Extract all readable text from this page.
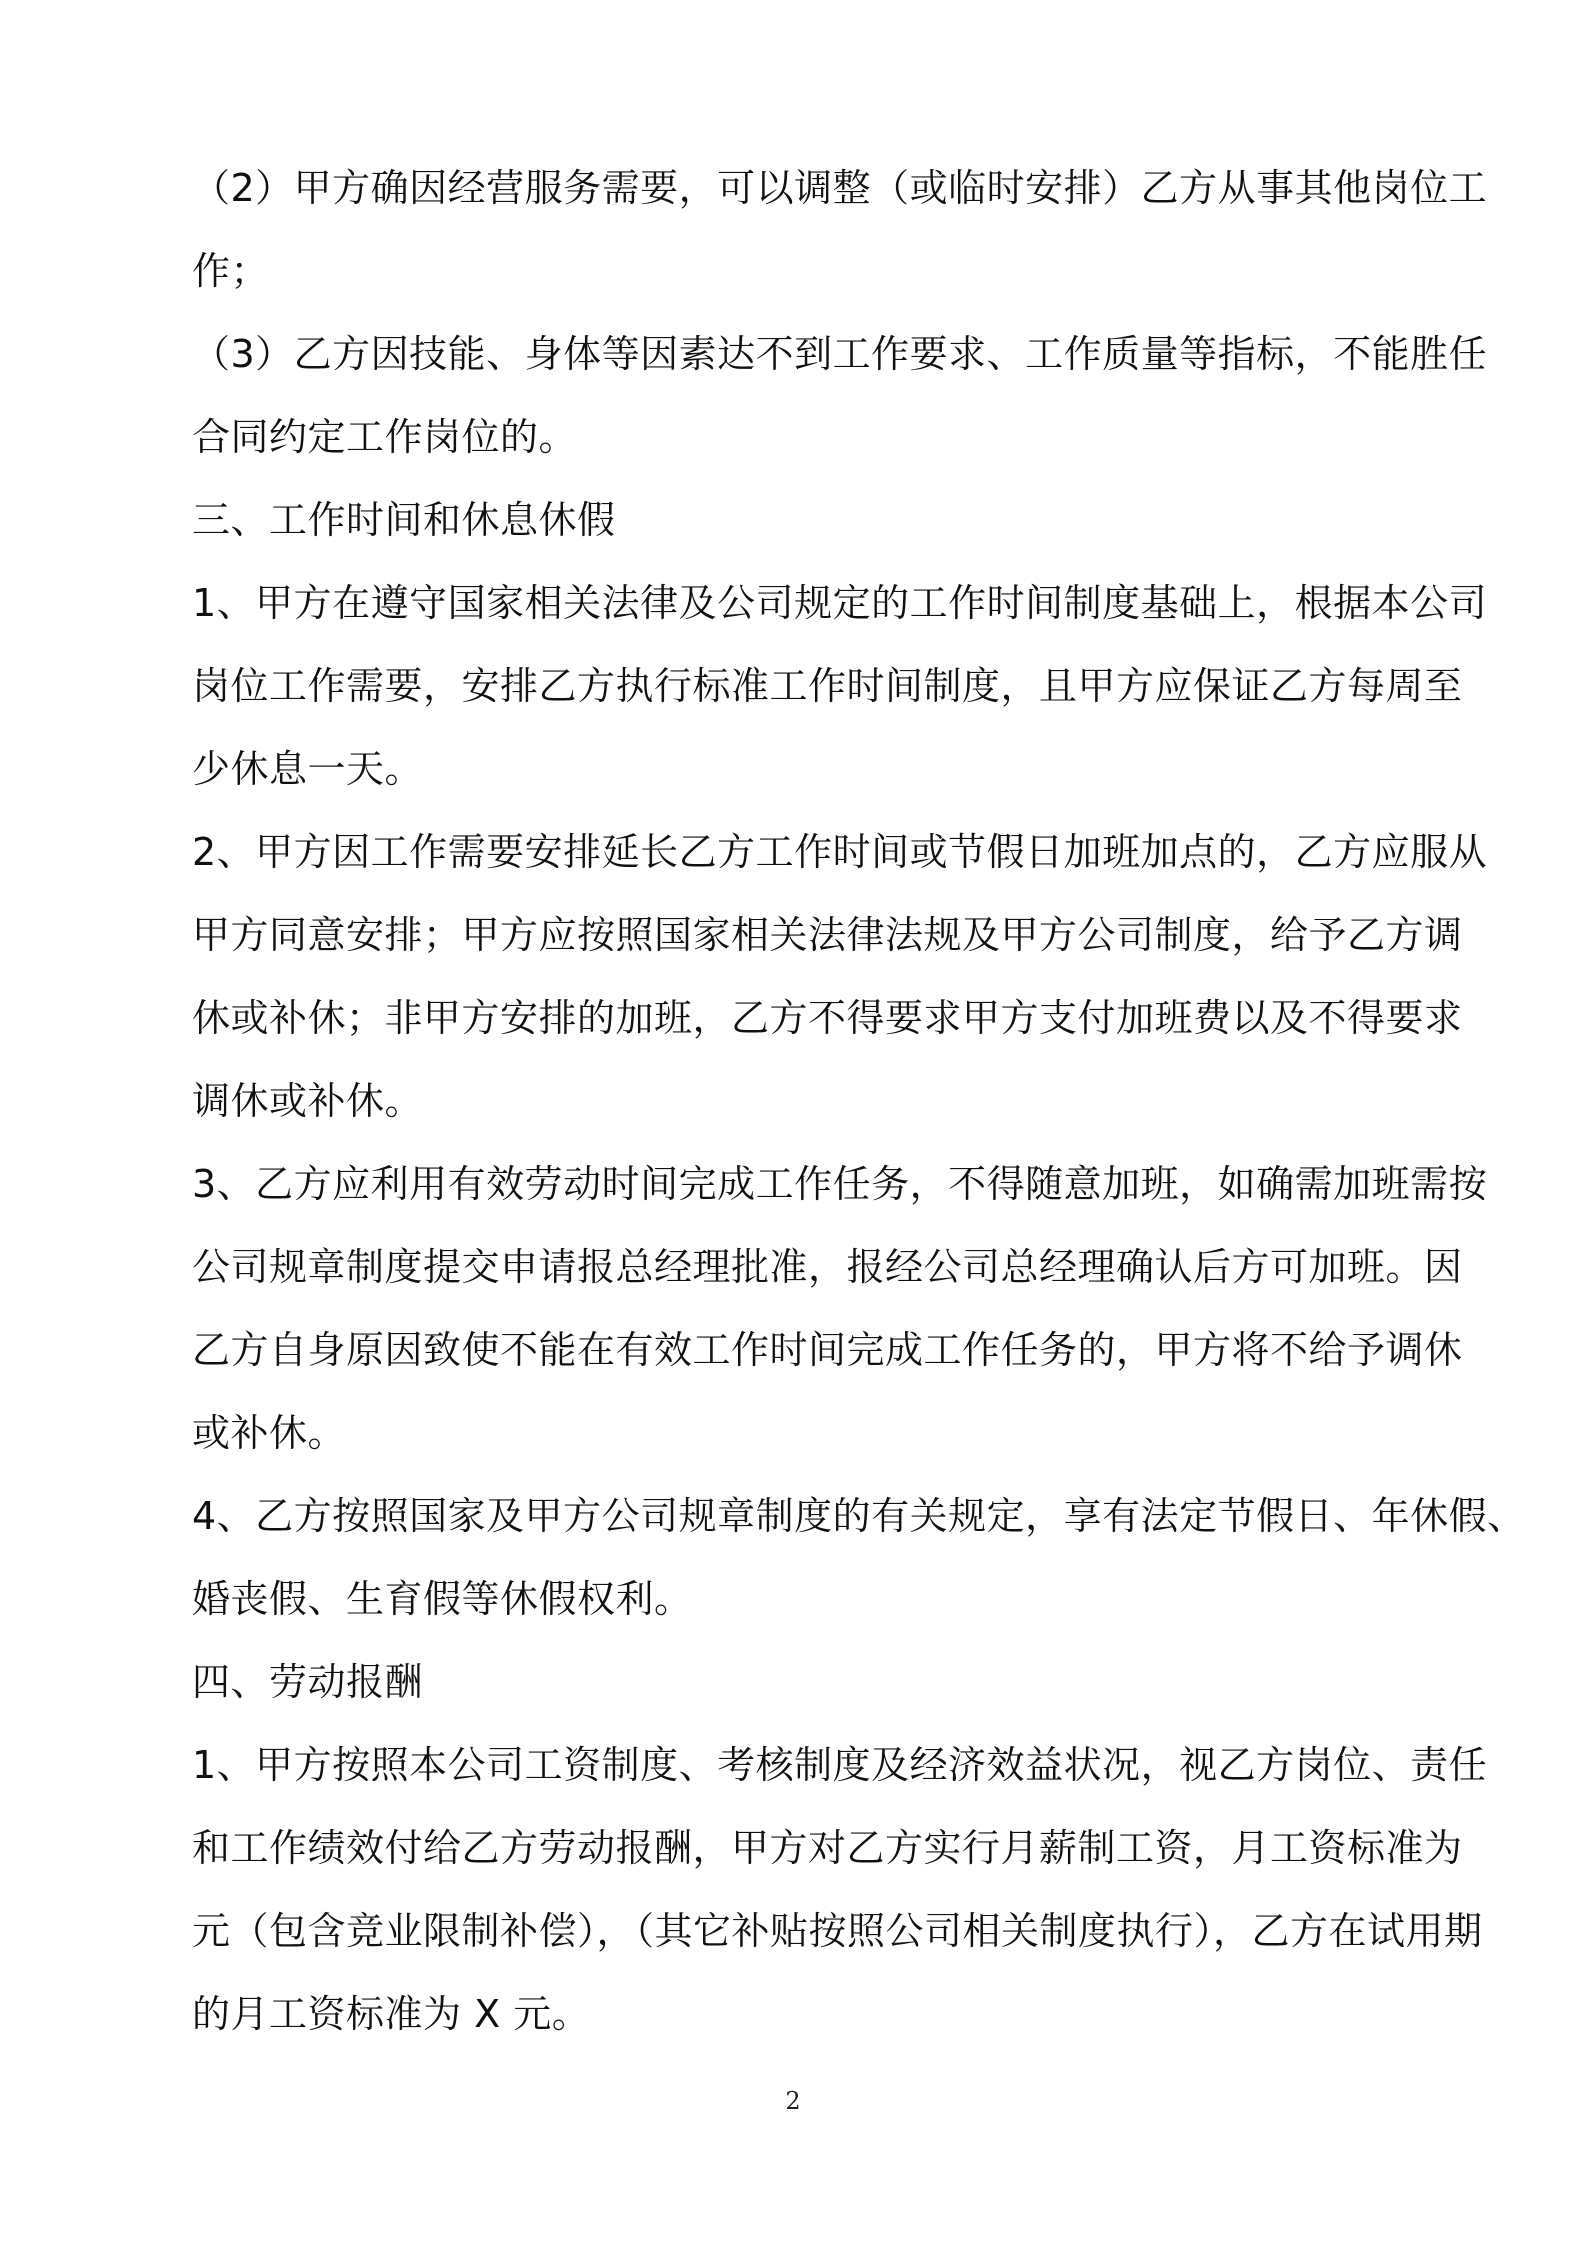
（2）甲方确因经营服务需要，可以调整（或临时安排）乙方从事其他岗位工
作；
（3）乙方因技能、身体等因素达不到工作要求、工作质量等指标，不能胜任
合同约定工作岗位的。
三、工作时间和休息休假
1、甲方在遵守国家相关法律及公司规定的工作时间制度基础上，根据本公司
岗位工作需要，安排乙方执行标准工作时间制度，且甲方应保证乙方每周至
少休息一天。
2、甲方因工作需要安排延长乙方工作时间或节假日加班加点的，乙方应服从
甲方同意安排；甲方应按照国家相关法律法规及甲方公司制度，给予乙方调
休或补休；非甲方安排的加班，乙方不得要求甲方支付加班费以及不得要求
调休或补休。
3、乙方应利用有效劳动时间完成工作任务，不得随意加班，如确需加班需按
公司规章制度提交申请报总经理批准，报经公司总经理确认后方可加班。因
乙方自身原因致使不能在有效工作时间完成工作任务的，甲方将不给予调休
或补休。
4、乙方按照国家及甲方公司规章制度的有关规定，享有法定节假日、年休假、
婚丧假、生育假等休假权利。
四、劳动报酬
1、甲方按照本公司工资制度、考核制度及经济效益状况，视乙方岗位、责任
和工作绩效付给乙方劳动报酬，甲方对乙方实行月薪制工资，月工资标准为
元（包含竞业限制补偿），（其它补贴按照公司相关制度执行），乙方在试用期
的月工资标准为 X 元。
2
